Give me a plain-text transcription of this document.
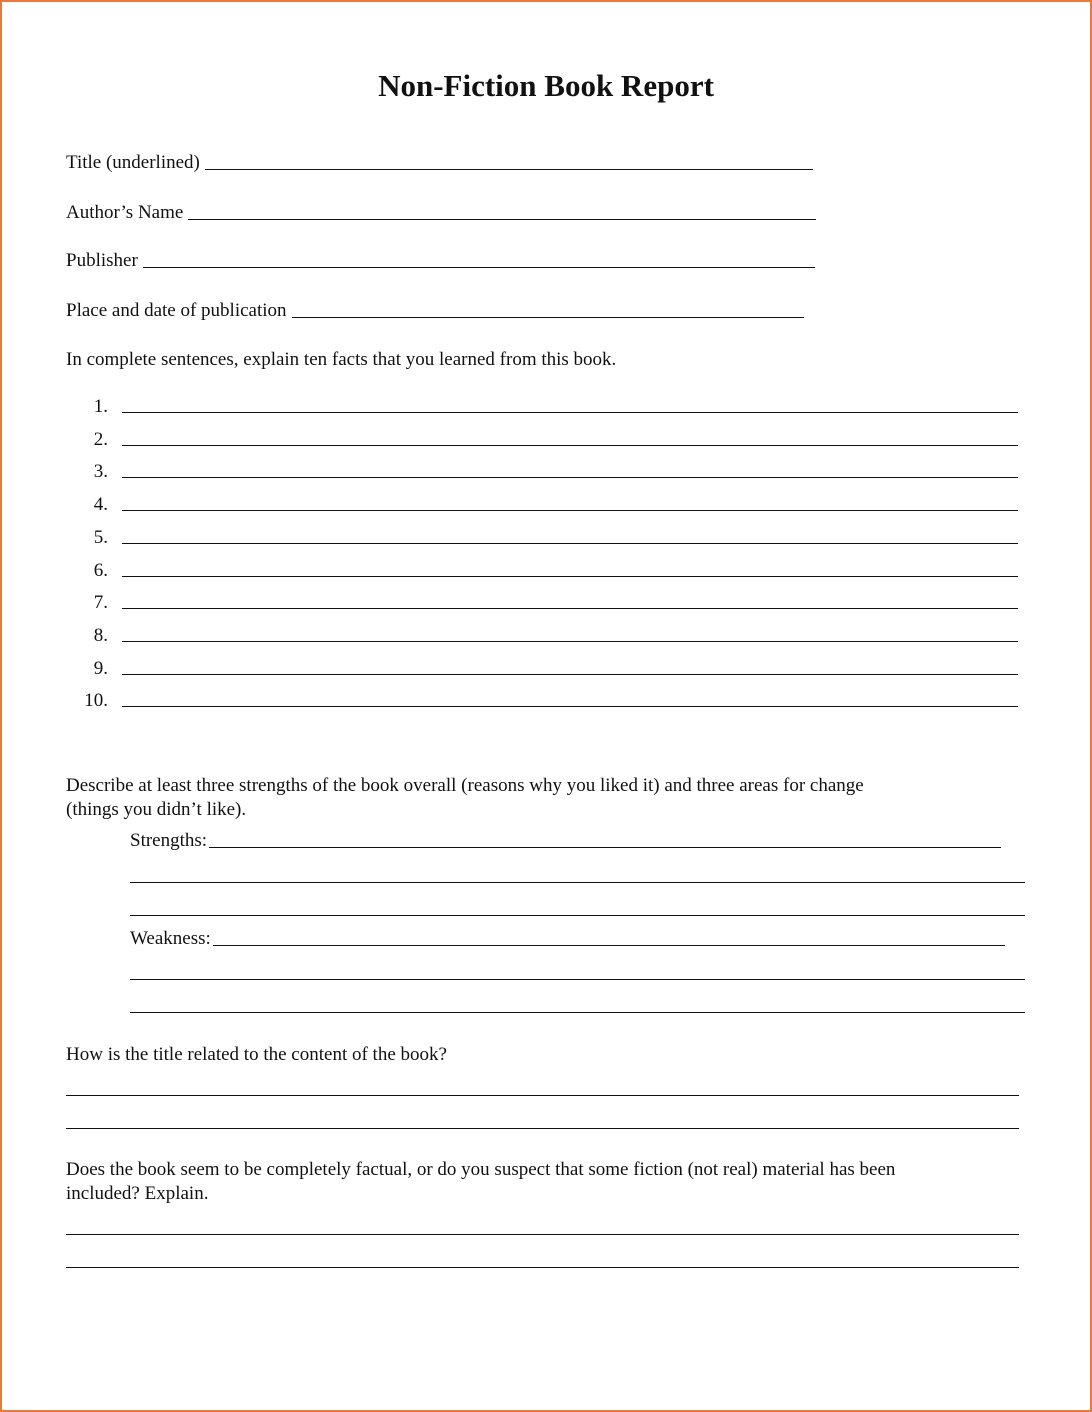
Non-Fiction Book Report
Title (underlined)
Author’s Name
Publisher
Place and date of publication
In complete sentences, explain ten facts that you learned from this book.
1.
2.
3.
4.
5.
6.
7.
8.
9.
10.
Describe at least three strengths of the book overall (reasons why you liked it) and three areas for change
(things you didn’t like).
Strengths:
Weakness:
How is the title related to the content of the book?
Does the book seem to be completely factual, or do you suspect that some fiction (not real) material has been
included? Explain.
